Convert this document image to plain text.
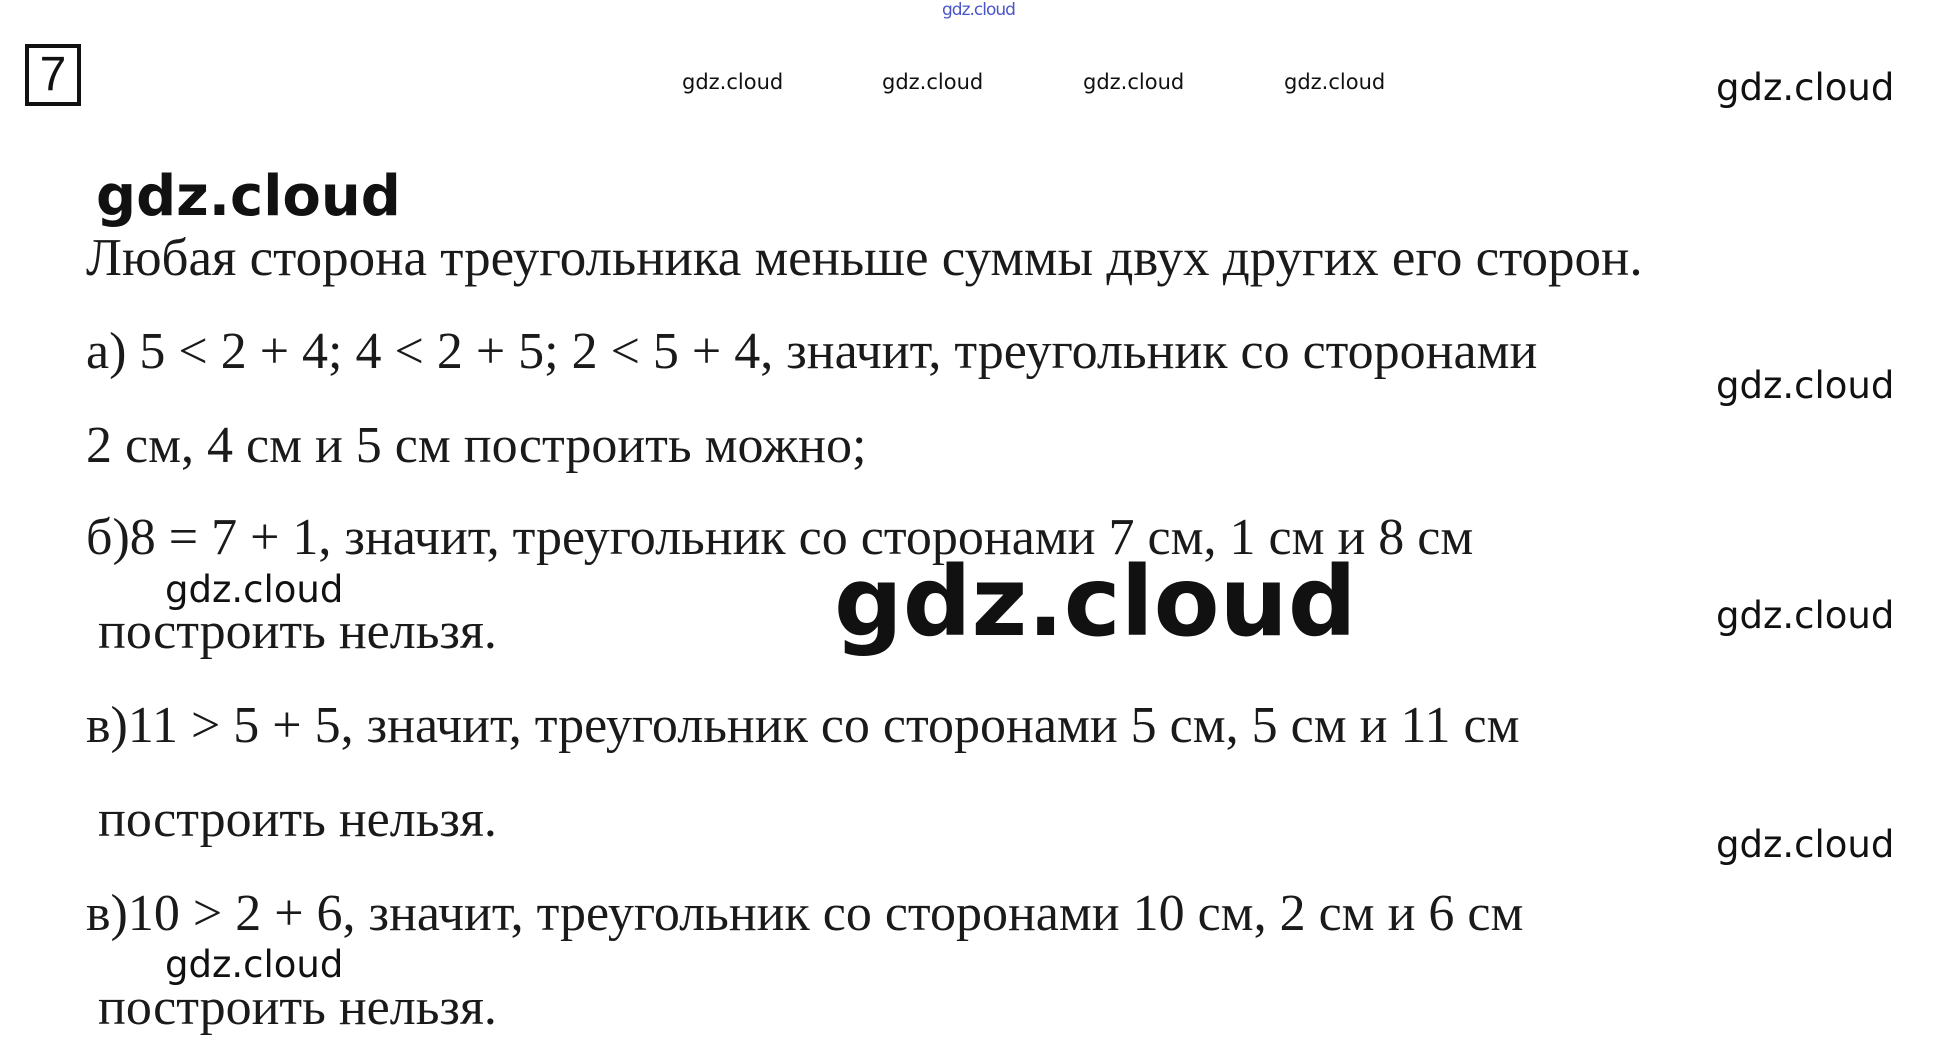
7
gdz.cloud
gdz.cloud	gdz.cloud	gdz.cloud	gdz.cloud	gdz.cloud
gdz.cloud
gdz.cloud
gdz.cloud
gdz.cloud
gdz.cloud
gdz.cloud
Любая сторона треугольника меньше суммы двух других его сторон.
а) 5 < 2 + 4; 4 < 2 + 5; 2 < 5 + 4, значит, треугольник со сторонами
2 см, 4 см и 5 см построить можно;
б)8 = 7 + 1, значит, треугольник со сторонами 7 см, 1 см и 8 см
построить нельзя.
в)11 > 5 + 5, значит, треугольник со сторонами 5 см, 5 см и 11 см
построить нельзя.
в)10 > 2 + 6, значит, треугольник со сторонами 10 см, 2 см и 6 см
построить нельзя.
gdz.cloud
